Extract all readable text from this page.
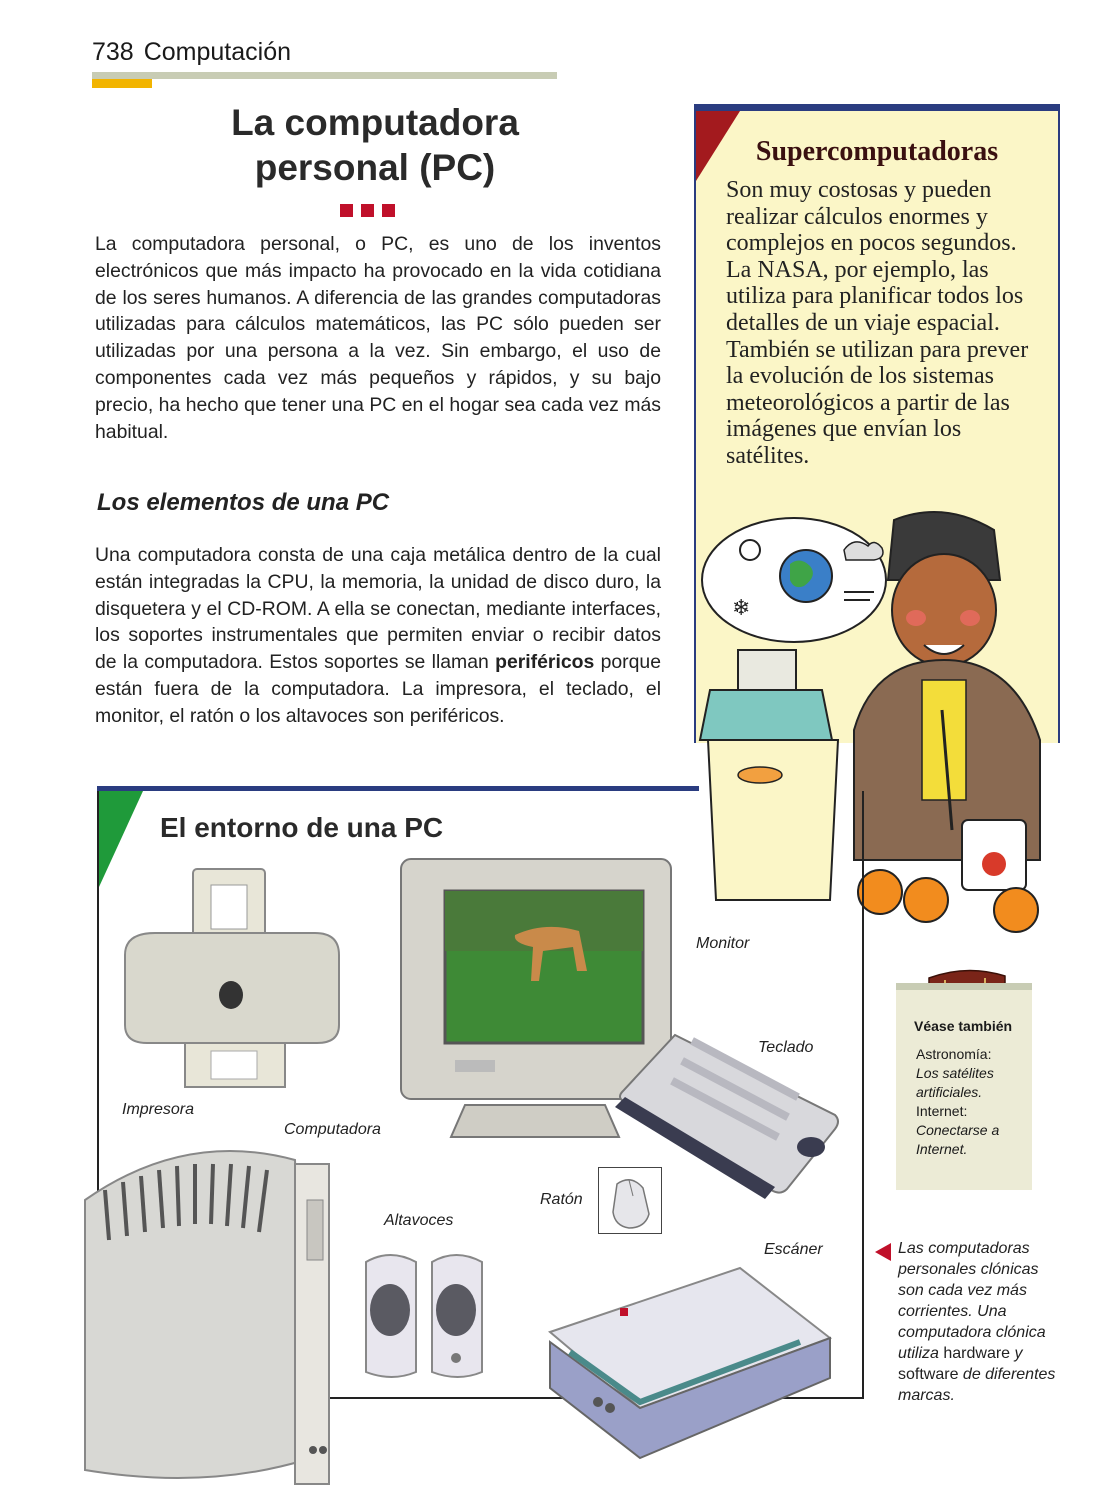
738 Computación
La computadora
personal (PC)
La computadora personal, o PC, es uno de los inventos electrónicos que más impacto ha provocado en la vida cotidiana de los seres humanos. A diferencia de las grandes computadoras utilizadas para cálculos matemáticos, las PC sólo pueden ser utilizadas por una persona a la vez. Sin embargo, el uso de componentes cada vez más pequeños y rápidos, y su bajo precio, ha hecho que tener una PC en el hogar sea cada vez más habitual.
Los elementos de una PC
Una computadora consta de una caja metálica dentro de la cual están integradas la CPU, la memoria, la unidad de disco duro, la disquetera y el CD-ROM. A ella se conectan, mediante interfaces, los soportes instrumentales que permiten enviar o recibir datos de la computadora. Estos soportes se llaman periféricos porque están fuera de la computadora. La impresora, el teclado, el monitor, el ratón o los altavoces son periféricos.
Supercomputadoras
Son muy costosas y pueden realizar cálculos enormes y complejos en pocos segundos. La NASA, por ejemplo, las utiliza para planificar todos los detalles de un viaje espacial. También se utilizan para prever la evolución de los sistemas meteorológicos a partir de las imágenes que envían los satélites.
❄
El entorno de una PC
Monitor
Teclado
Impresora
Computadora
Ratón
Altavoces
Escáner
Véase también
Astronomía:
Los satélites artificiales.
Internet:
Conectarse a Internet.
Las computadoras personales clónicas son cada vez más corrientes. Una computadora clónica utiliza hardware y software de diferentes marcas.
